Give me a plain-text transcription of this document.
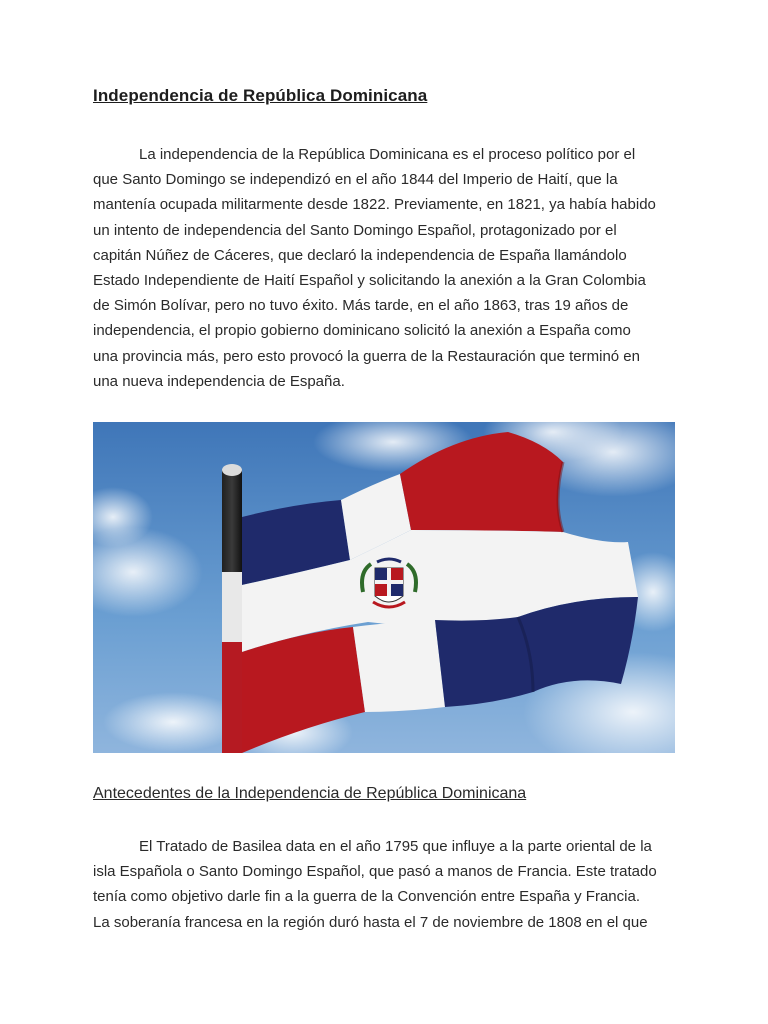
Independencia de República Dominicana
La independencia de la República Dominicana es el proceso político por el
que Santo Domingo se independizó en el año 1844 del Imperio de Haití, que la
mantenía ocupada militarmente desde 1822. Previamente, en 1821, ya había habido
un intento de independencia del Santo Domingo Español, protagonizado por el
capitán Núñez de Cáceres, que declaró la independencia de España llamándolo
Estado Independiente de Haití Español y solicitando la anexión a la Gran Colombia
de Simón Bolívar, pero no tuvo éxito. Más tarde, en el año 1863, tras 19 años de
independencia, el propio gobierno dominicano solicitó la anexión a España como
una provincia más, pero esto provocó la guerra de la Restauración que terminó en
una nueva independencia de España.
Antecedentes de la Independencia de República Dominicana
El Tratado de Basilea data en el año 1795 que influye a la parte oriental de la
isla Española o Santo Domingo Español, que pasó a manos de Francia. Este tratado
tenía como objetivo darle fin a la guerra de la Convención entre España y Francia.
La soberanía francesa en la región duró hasta el 7 de noviembre de 1808 en el que
